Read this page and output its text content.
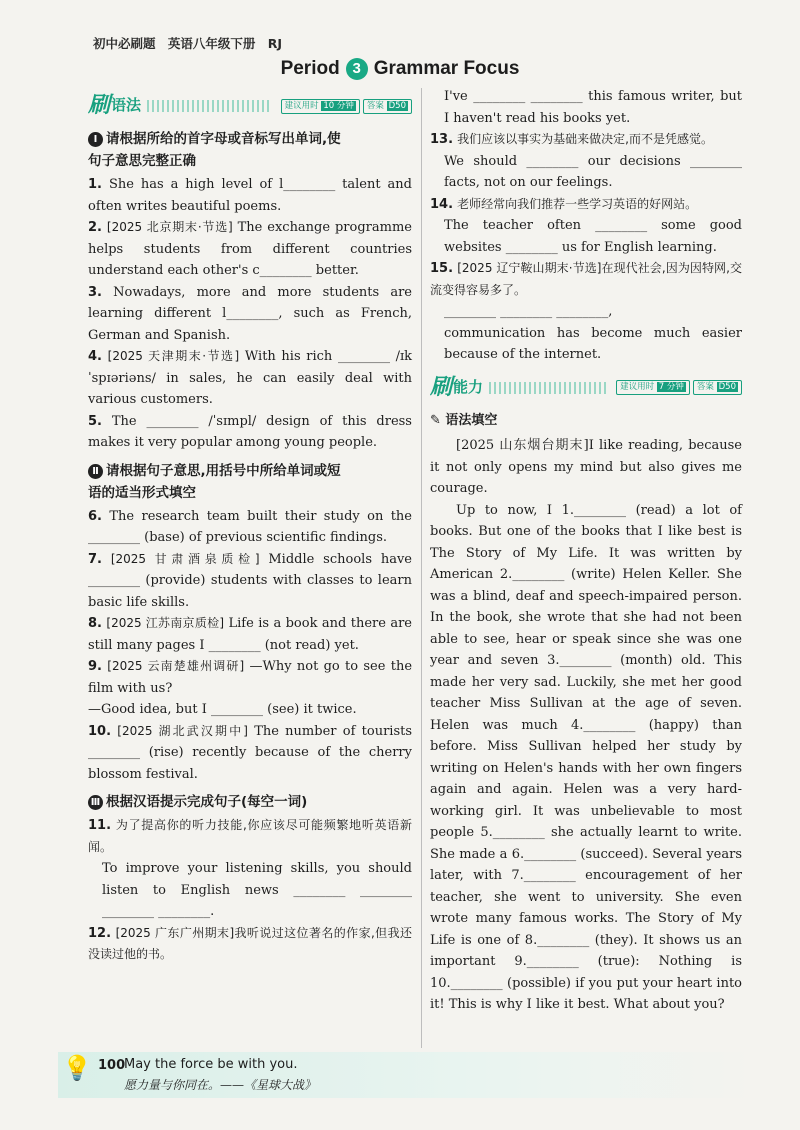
初中必刷题 英语八年级下册 RJ
Period 3 Grammar Focus
刷 语法	建议用时 10 分钟	答案 D50
Ⅰ 请根据所给的首字母或音标写出单词,使
句子意思完整正确

1. She has a high level of l________ talent and often writes beautiful poems.

2. [2025 北京期末·节选] The exchange programme helps students from different countries understand each other's c________ better.

3. Nowadays, more and more students are learning different l________, such as French, German and Spanish.

4. [2025 天津期末·节选] With his rich ________ /ɪkˈspɪəriəns/ in sales, he can easily deal with various customers.

5. The ________ /ˈsɪmpl/ design of this dress makes it very popular among young people.

Ⅱ 请根据句子意思,用括号中所给单词或短
语的适当形式填空

6. The research team built their study on the ________ (base) of previous scientific findings.

7. [2025 甘肃酒泉质检] Middle schools have ________ (provide) students with classes to learn basic life skills.

8. [2025 江苏南京质检] Life is a book and there are still many pages I ________ (not read) yet.

9. [2025 云南楚雄州调研] —Why not go to see the film with us?
—Good idea, but I ________ (see) it twice.

10. [2025 湖北武汉期中] The number of tourists ________ (rise) recently because of the cherry blossom festival.

Ⅲ 根据汉语提示完成句子(每空一词)

11. 为了提高你的听力技能,你应该尽可能频繁地听英语新闻。

To improve your listening skills, you should listen to English news ________ ________ ________ ________.

12. [2025 广东广州期末]我听说过这位著名的作家,但我还没读过他的书。

I've ________ ________ this famous writer, but I haven't read his books yet.

13. 我们应该以事实为基础来做决定,而不是凭感觉。

We should ________ our decisions ________ facts, not on our feelings.

14. 老师经常向我们推荐一些学习英语的好网站。

The teacher often ________ some good websites ________ us for English learning.

15. [2025 辽宁鞍山期末·节选]在现代社会,因为因特网,交流变得容易多了。

________ ________ ________,

communication has become much easier because of the internet.

刷 能力	建议用时 7 分钟	答案 D50
✎ 语法填空

[2025 山东烟台期末]I like reading, because it not only opens my mind but also gives me courage.

Up to now, I 1.________ (read) a lot of books. But one of the books that I like best is The Story of My Life. It was written by American 2.________ (write) Helen Keller. She was a blind, deaf and speech-impaired person. In the book, she wrote that she had not been able to see, hear or speak since she was one year and seven 3.________ (month) old. This made her very sad. Luckily, she met her good teacher Miss Sullivan at the age of seven. Helen was much 4.________ (happy) than before. Miss Sullivan helped her study by writing on Helen's hands with her own fingers again and again. Helen was a very hard-working girl. It was unbelievable to most people 5.________ she actually learnt to write. She made a 6.________ (succeed). Several years later, with 7.________ encouragement of her teacher, she went to university. She even wrote many famous works. The Story of My Life is one of 8.________ (they). It shows us an important 9.________ (true): Nothing is 10.________ (possible) if you put your heart into it! This is why I like it best. What about you?

💡 100
May the force be with you.
愿力量与你同在。——《星球大战》
